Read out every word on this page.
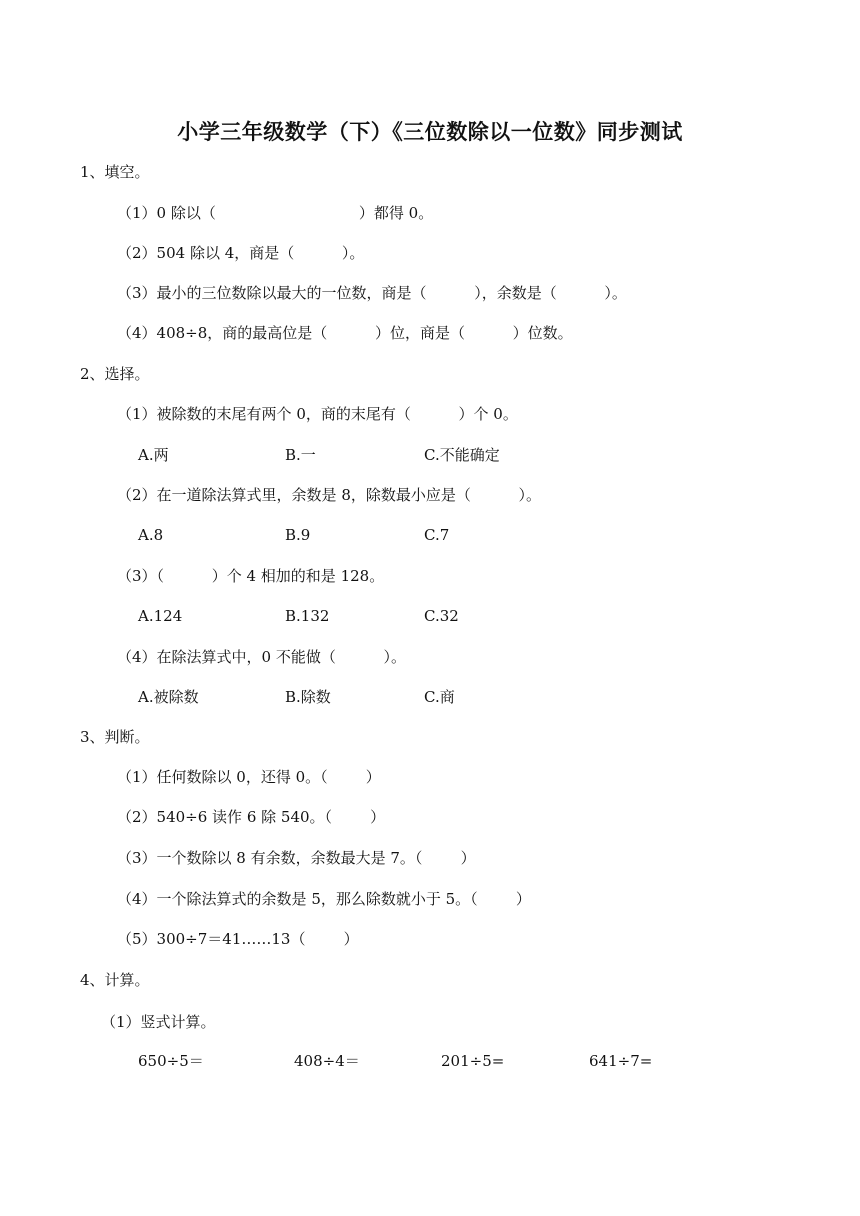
小学三年级数学（下）《三位数除以一位数》同步测试
1、填空。
（1）0 除以（                              ）都得 0。
（2）504 除以 4，商是（          ）。
（3）最小的三位数除以最大的一位数，商是（          ），余数是（          ）。
（4）408÷8，商的最高位是（          ）位，商是（          ）位数。
2、选择。
（1）被除数的末尾有两个 0，商的末尾有（          ）个 0。
A.两	B.一	C.不能确定
（2）在一道除法算式里，余数是 8，除数最小应是（          ）。
A.8	B.9	C.7
（3）（          ）个 4 相加的和是 128。
A.124	B.132	C.32
（4）在除法算式中，0 不能做（          ）。
A.被除数	B.除数	C.商
3、判断。
（1）任何数除以 0，还得 0。（        ）
（2）540÷6 读作 6 除 540。（        ）
（3）一个数除以 8 有余数，余数最大是 7。（        ）
（4）一个除法算式的余数是 5，那么除数就小于 5。（        ）
（5）300÷7＝41……13（        ）
4、计算。
（1）竖式计算。
650÷5＝	408÷4＝	201÷5=	641÷7=
